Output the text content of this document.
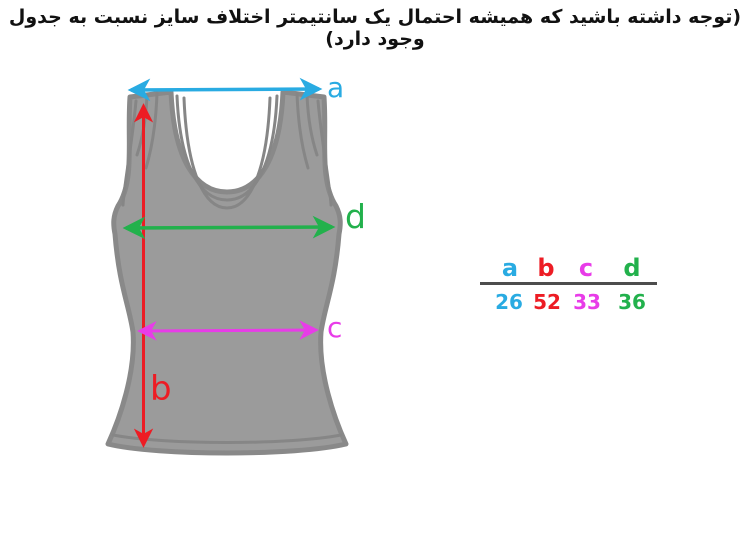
(توجه داشته باشید که همیشه احتمال یک سانتیمتر اختلاف سایز نسبت به جدول وجود دارد)
a
b
c
d
a b c d
26 52 33 36
